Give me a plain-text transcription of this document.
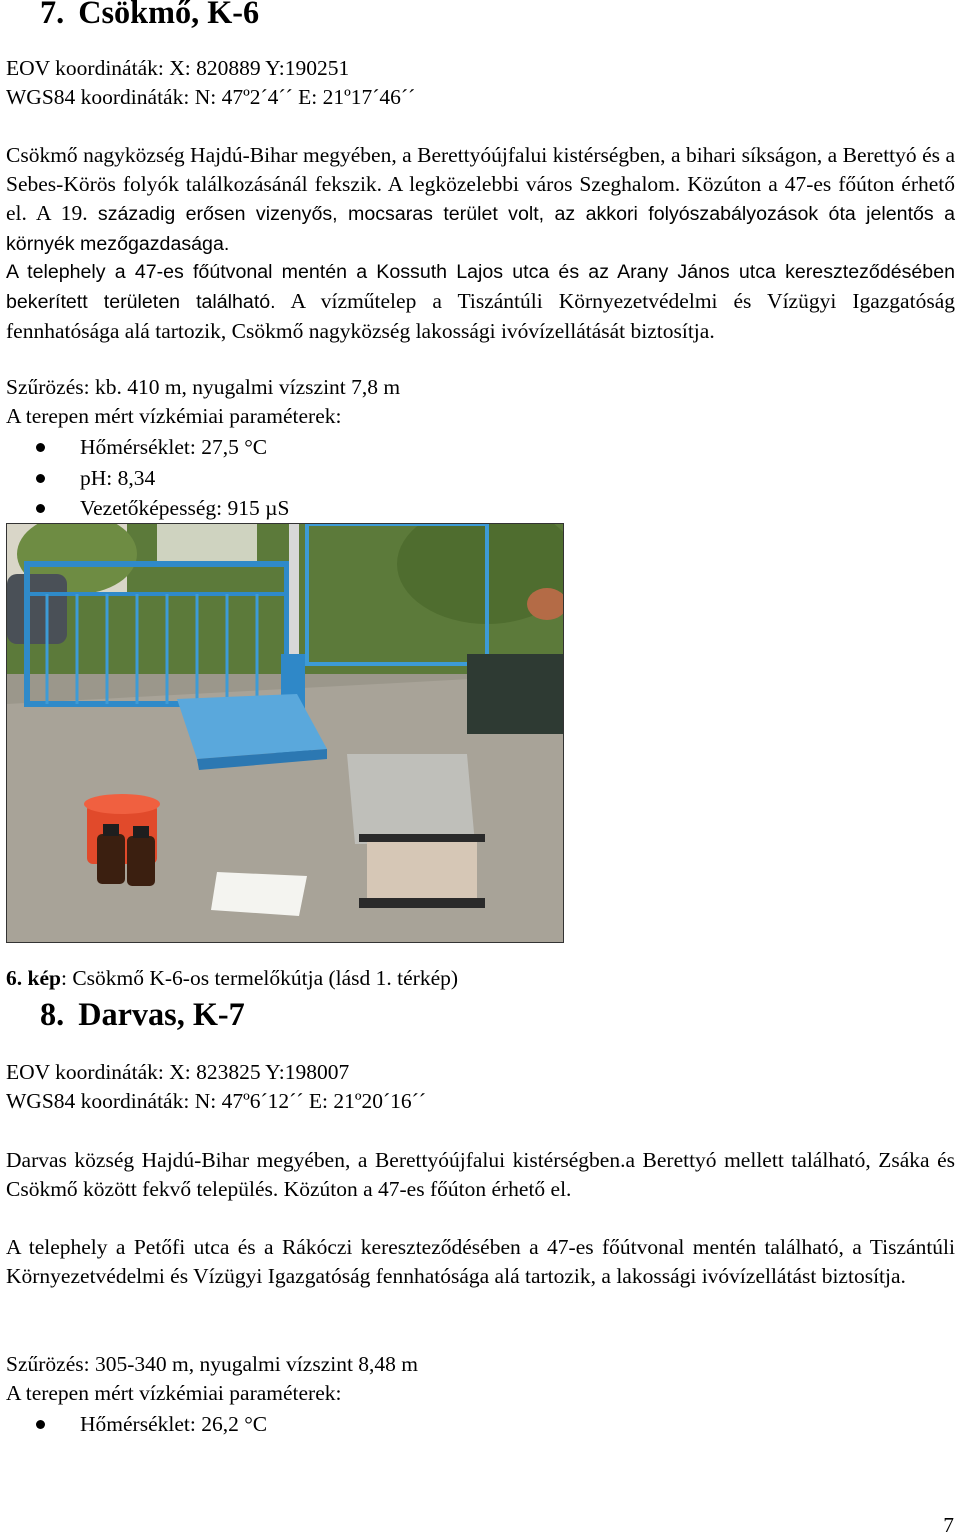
7. Csökmő, K-6

EOV koordináták: X: 820889 Y:190251

WGS84 koordináták: N: 47º2´4´´ E: 21º17´46´´

Csökmő nagyközség Hajdú-Bihar megyében, a Berettyóújfalui kistérségben, a bihari síkságon, a Berettyó és a Sebes-Körös folyók találkozásánál fekszik. A legközelebbi város Szeghalom. Közúton a 47-es főúton érhető el. A 19. századig erősen vizenyős, mocsaras terület volt, az akkori folyószabályozások óta jelentős a környék mezőgazdasága.

A telephely a 47-es főútvonal mentén a Kossuth Lajos utca és az Arany János utca kereszteződésében bekerített területen található. A vízműtelep a Tiszántúli Környezetvédelmi és Vízügyi Igazgatóság fennhatósága alá tartozik, Csökmő nagyközség lakossági ivóvízellátását biztosítja.

Szűrözés: kb. 410 m, nyugalmi vízszint 7,8 m

A terepen mért vízkémiai paraméterek:

Hőmérséklet: 27,5 °C
pH: 8,34
Vezetőképesség: 915 µS

6. kép: Csökmő K-6-os termelőkútja (lásd 1. térkép)

8. Darvas, K-7

EOV koordináták: X: 823825 Y:198007

WGS84 koordináták: N: 47º6´12´´ E: 21º20´16´´

Darvas község Hajdú-Bihar megyében, a Berettyóújfalui kistérségben.a Berettyó mellett található, Zsáka és Csökmő között fekvő település. Közúton a 47-es főúton érhető el.

A telephely a Petőfi utca és a Rákóczi kereszteződésében a 47-es főútvonal mentén található, a Tiszántúli Környezetvédelmi és Vízügyi Igazgatóság fennhatósága alá tartozik, a lakossági ivóvízellátást biztosítja.

Szűrözés: 305-340 m, nyugalmi vízszint 8,48 m

A terepen mért vízkémiai paraméterek:

Hőmérséklet: 26,2 °C
7
